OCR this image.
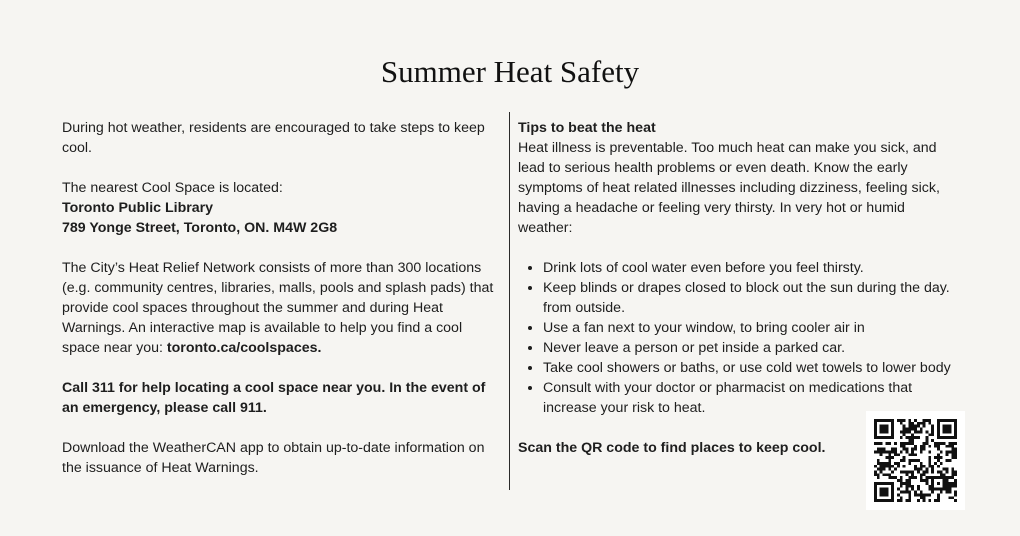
Summer Heat Safety

During hot weather, residents are encouraged to take steps to keep cool.

The nearest Cool Space is located:

Toronto Public Library

789 Yonge Street, Toronto, ON. M4W 2G8

The City’s Heat Relief Network consists of more than 300 locations (e.g. community centres, libraries, malls, pools and splash pads) that provide cool spaces throughout the summer and during Heat Warnings. An interactive map is available to help you find a cool space near you: toronto.ca/coolspaces.

Call 311 for help locating a cool space near you. In the event of an emergency, please call 911.

Download the WeatherCAN app to obtain up-to-date information on the issuance of Heat Warnings.

Tips to beat the heat

Heat illness is preventable. Too much heat can make you sick, and lead to serious health problems or even death. Know the early symptoms of heat related illnesses including dizziness, feeling sick, having a headache or feeling very thirsty. In very hot or humid weather:

• Drink lots of cool water even before you feel thirsty.
• Keep blinds or drapes closed to block out the sun during the day. from outside.
• Use a fan next to your window, to bring cooler air in
• Never leave a person or pet inside a parked car.
• Take cool showers or baths, or use cold wet towels to lower body
• Consult with your doctor or pharmacist on medications that increase your risk to heat.

Scan the QR code to find places to keep cool.
